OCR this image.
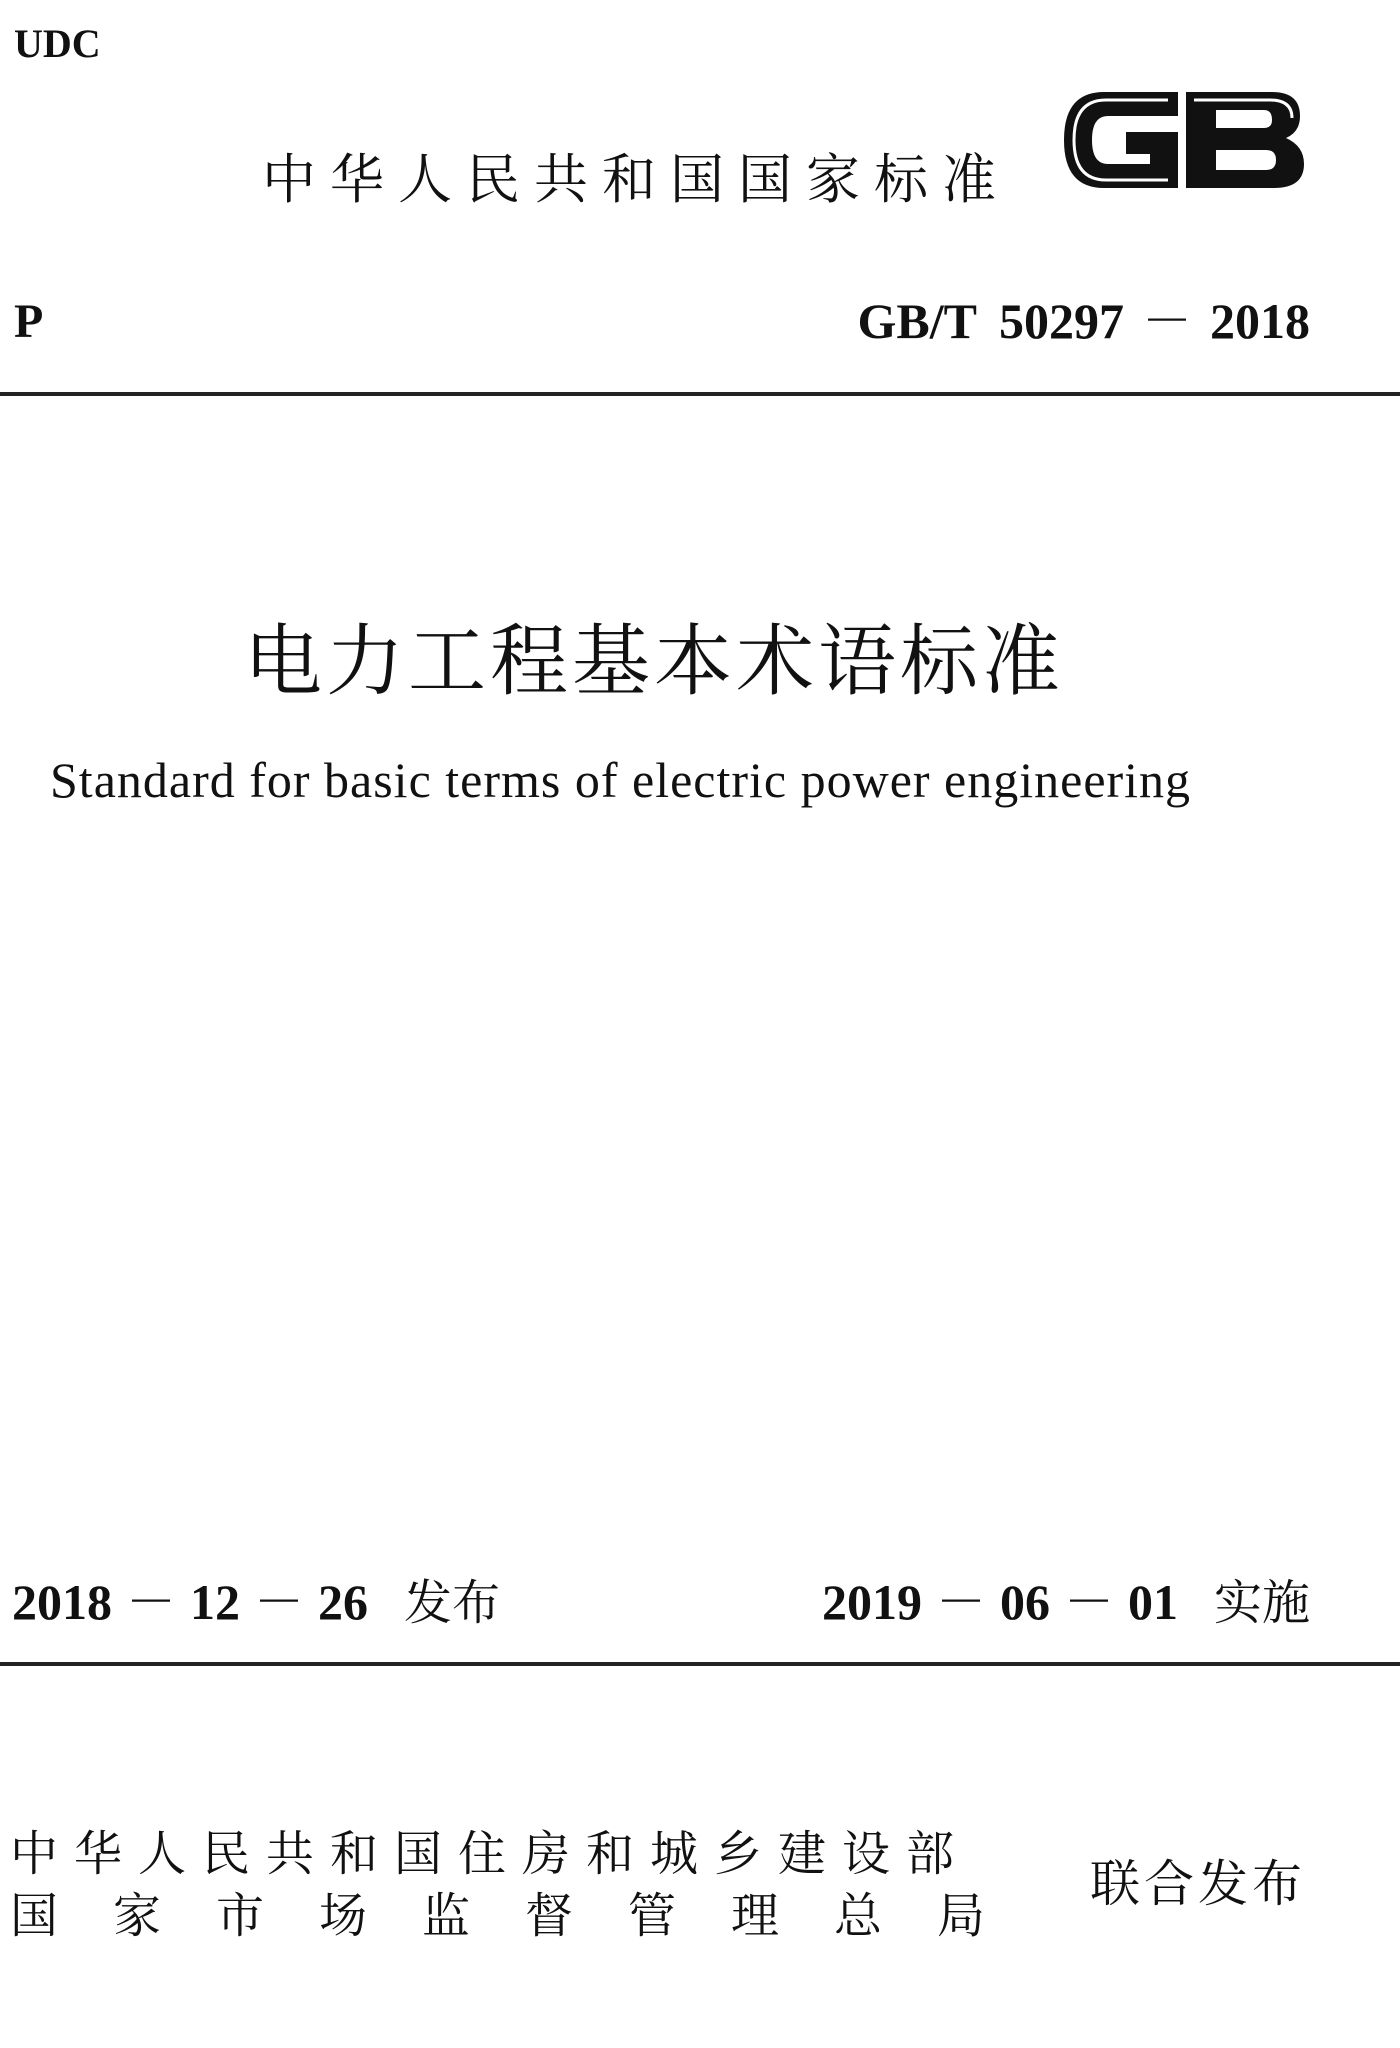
UDC
中华人民共和国国家标准
P	GB/T 50297 － 2018
电力工程基本术语标准
Standard for basic terms of electric power engineering
2018 － 12 － 26 发布	2019 － 06 － 01 实施
中华人民共和国住房和城乡建设部
国家市场监督管理总局
联合发布
